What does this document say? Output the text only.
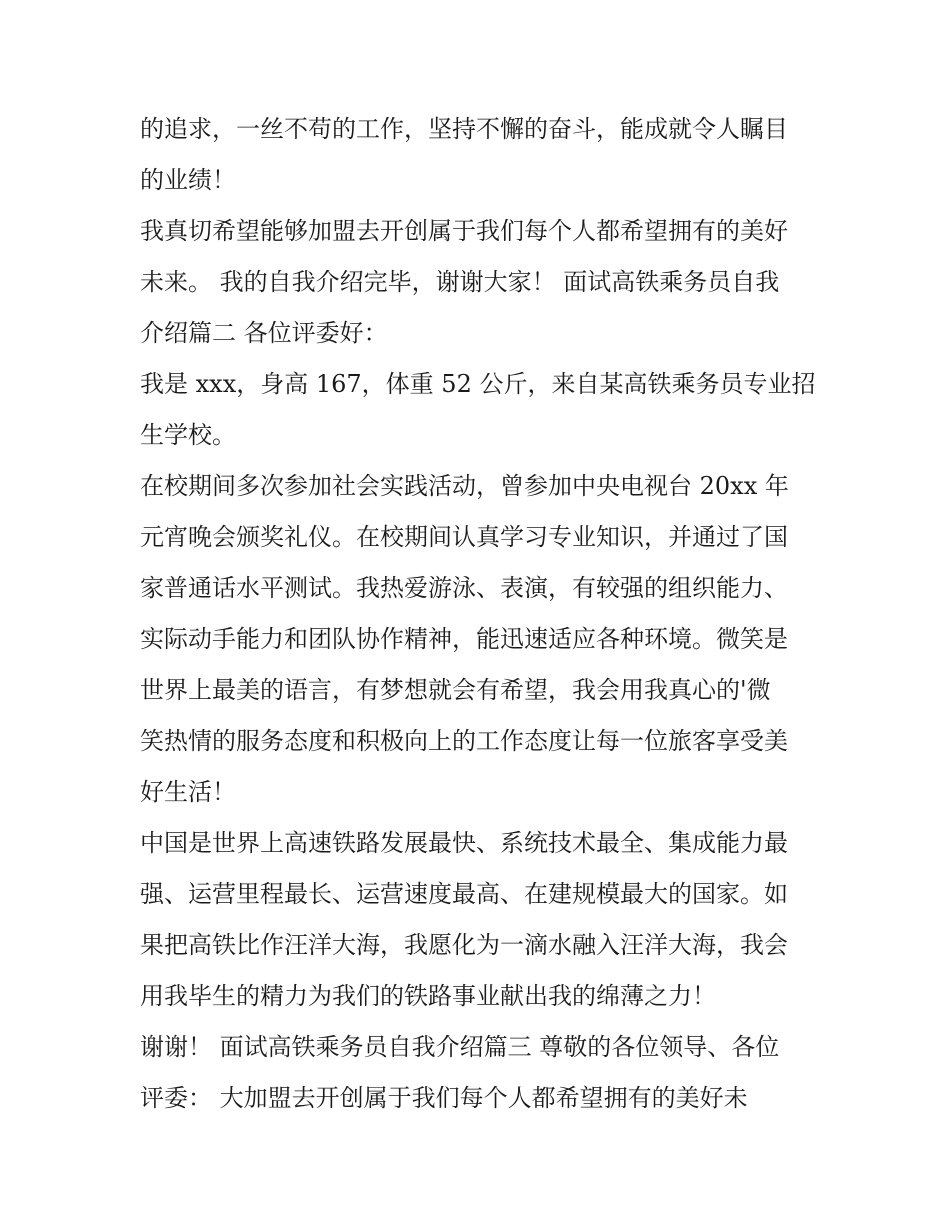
的追求，一丝不苟的工作，坚持不懈的奋斗，能成就令人瞩目
的业绩！
我真切希望能够加盟去开创属于我们每个人都希望拥有的美好
未来。 我的自我介绍完毕，谢谢大家！ 面试高铁乘务员自我
介绍篇二 各位评委好：
我是 xxx，身高 167，体重 52 公斤，来自某高铁乘务员专业招
生学校。
在校期间多次参加社会实践活动，曾参加中央电视台 20xx 年
元宵晚会颁奖礼仪。在校期间认真学习专业知识，并通过了国
家普通话水平测试。我热爱游泳、表演，有较强的组织能力、
实际动手能力和团队协作精神，能迅速适应各种环境。微笑是
世界上最美的语言，有梦想就会有希望，我会用我真心的'微
笑热情的服务态度和积极向上的工作态度让每一位旅客享受美
好生活！
中国是世界上高速铁路发展最快、系统技术最全、集成能力最
强、运营里程最长、运营速度最高、在建规模最大的国家。如
果把高铁比作汪洋大海，我愿化为一滴水融入汪洋大海，我会
用我毕生的精力为我们的铁路事业献出我的绵薄之力！
谢谢！ 面试高铁乘务员自我介绍篇三 尊敬的各位领导、各位
评委： 大加盟去开创属于我们每个人都希望拥有的美好未
